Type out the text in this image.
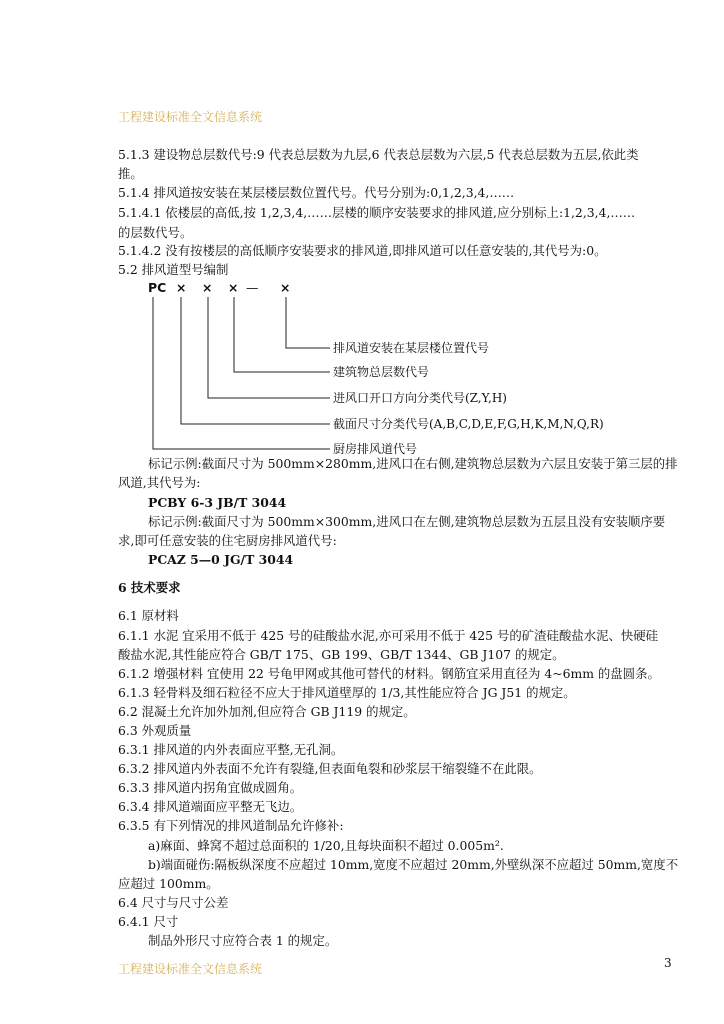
工程建设标准全文信息系统
5.1.3 建设物总层数代号:9 代表总层数为九层,6 代表总层数为六层,5 代表总层数为五层,依此类
推。
5.1.4 排风道按安装在某层楼层数位置代号。代号分别为:0,1,2,3,4,……
5.1.4.1 依楼层的高低,按 1,2,3,4,……层楼的顺序安装要求的排风道,应分别标上:1,2,3,4,……
的层数代号。
5.1.4.2 没有按楼层的高低顺序安装要求的排风道,即排风道可以任意安装的,其代号为:0。
5.2 排风道型号编制
PC × × × — ×
排风道安装在某层楼位置代号
建筑物总层数代号
进风口开口方向分类代号(Z,Y,H)
截面尺寸分类代号(A,B,C,D,E,F,G,H,K,M,N,Q,R)
厨房排风道代号
标记示例:截面尺寸为 500mm×280mm,进风口在右侧,建筑物总层数为六层且安装于第三层的排
风道,其代号为:
PCBY 6-3 JB/T 3044
标记示例:截面尺寸为 500mm×300mm,进风口在左侧,建筑物总层数为五层且没有安装顺序要
求,即可任意安装的住宅厨房排风道代号:
PCAZ 5—0 JG/T 3044
6 技术要求
6.1 原材料
6.1.1 水泥 宜采用不低于 425 号的硅酸盐水泥,亦可采用不低于 425 号的矿渣硅酸盐水泥、快硬硅
酸盐水泥,其性能应符合 GB/T 175、GB 199、GB/T 1344、GB J107 的规定。
6.1.2 增强材料 宜使用 22 号龟甲网或其他可替代的材料。钢筋宜采用直径为 4~6mm 的盘圆条。
6.1.3 轻骨料及细石粒径不应大于排风道壁厚的 1/3,其性能应符合 JG J51 的规定。
6.2 混凝土允许加外加剂,但应符合 GB J119 的规定。
6.3 外观质量
6.3.1 排风道的内外表面应平整,无孔洞。
6.3.2 排风道内外表面不允许有裂缝,但表面龟裂和砂浆层干缩裂缝不在此限。
6.3.3 排风道内拐角宜做成圆角。
6.3.4 排风道端面应平整无飞边。
6.3.5 有下列情况的排风道制品允许修补:
a)麻面、蜂窝不超过总面积的 1/20,且每块面积不超过 0.005m².
b)端面碰伤:隔板纵深度不应超过 10mm,宽度不应超过 20mm,外壁纵深不应超过 50mm,宽度不
应超过 100mm。
6.4 尺寸与尺寸公差
6.4.1 尺寸
制品外形尺寸应符合表 1 的规定。
工程建设标准全文信息系统	3
